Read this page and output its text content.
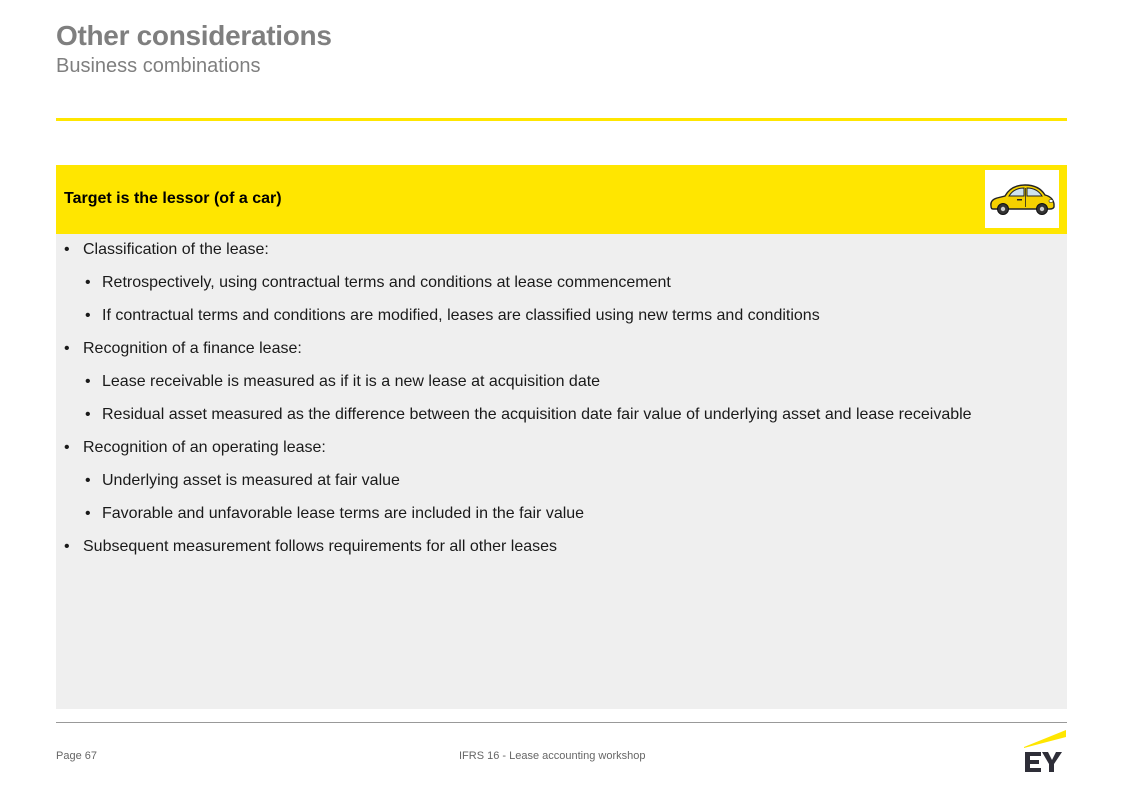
Other considerations
Business combinations
Target is the lessor (of a car)
• Classification of the lease:
• Retrospectively, using contractual terms and conditions at lease commencement
• If contractual terms and conditions are modified, leases are classified using new terms and conditions
• Recognition of a finance lease:
• Lease receivable is measured as if it is a new lease at acquisition date
• Residual asset measured as the difference between the acquisition date fair value of underlying asset and lease receivable
• Recognition of an operating lease:
• Underlying asset is measured at fair value
• Favorable and unfavorable lease terms are included in the fair value
• Subsequent measurement follows requirements for all other leases
Page 67	IFRS 16 - Lease accounting workshop
